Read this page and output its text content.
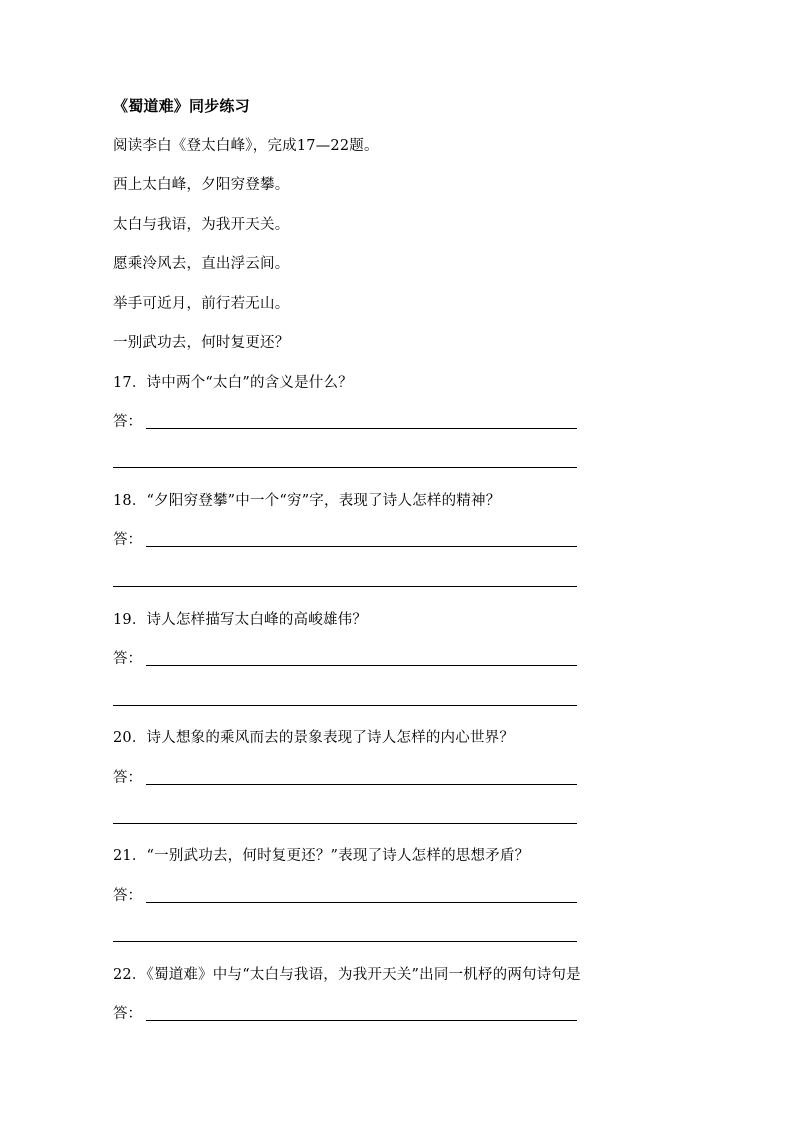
《蜀道难》同步练习
阅读李白《登太白峰》，完成17—22题。
西上太白峰，夕阳穷登攀。
太白与我语，为我开天关。
愿乘泠风去，直出浮云间。
举手可近月，前行若无山。
一别武功去，何时复更还？
17．诗中两个“太白”的含义是什么？
答：
18．“夕阳穷登攀”中一个“穷”字，表现了诗人怎样的精神？
答：
19．诗人怎样描写太白峰的高峻雄伟？
答：
20．诗人想象的乘风而去的景象表现了诗人怎样的内心世界？
答：
21．“一别武功去，何时复更还？”表现了诗人怎样的思想矛盾？
答：
22．《蜀道难》中与“太白与我语，为我开天关”出同一机杼的两句诗句是
答：
